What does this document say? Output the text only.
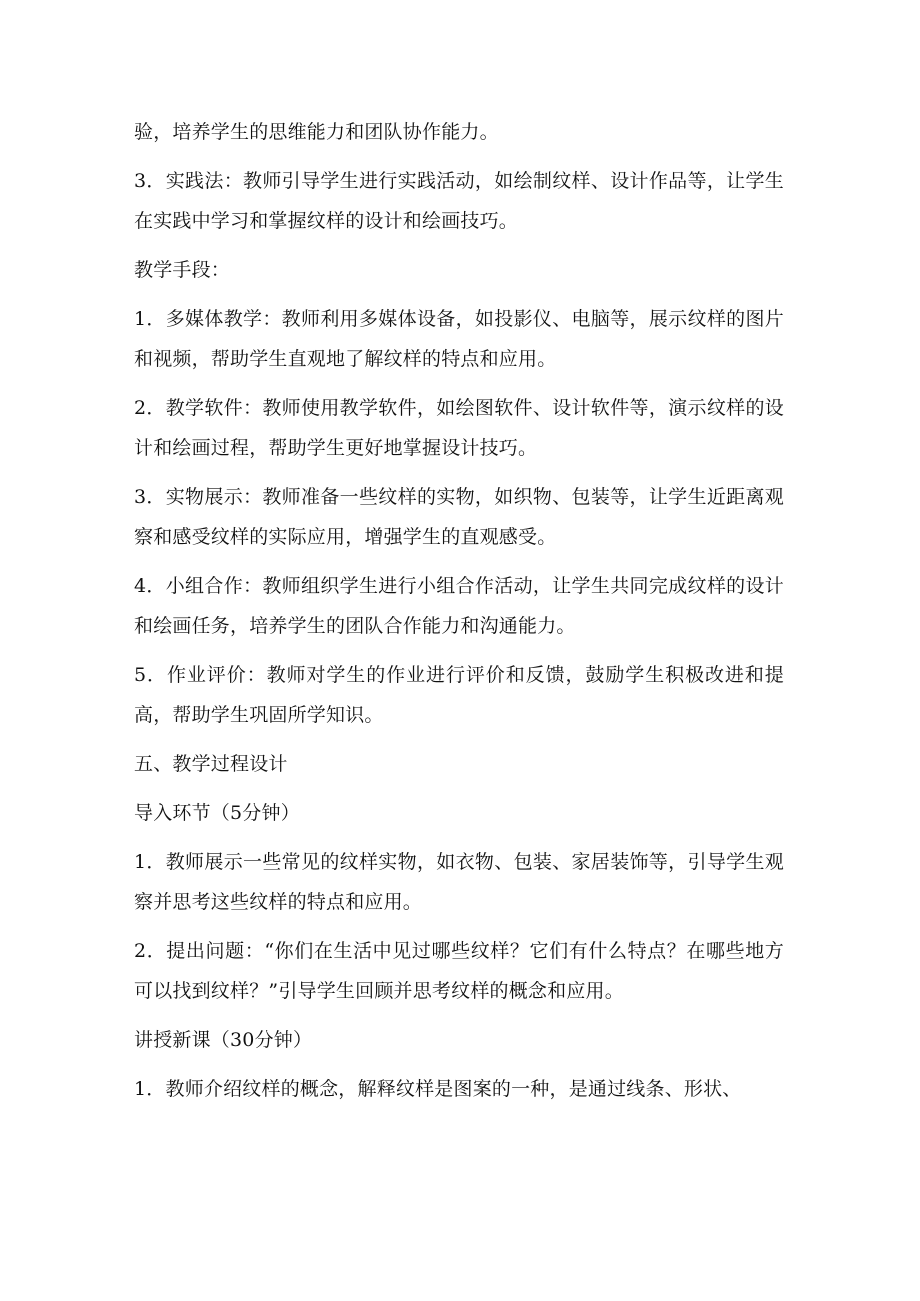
验，培养学生的思维能力和团队协作能力。

3．实践法：教师引导学生进行实践活动，如绘制纹样、设计作品等，让学生在实践中学习和掌握纹样的设计和绘画技巧。

教学手段：

1．多媒体教学：教师利用多媒体设备，如投影仪、电脑等，展示纹样的图片和视频，帮助学生直观地了解纹样的特点和应用。

2．教学软件：教师使用教学软件，如绘图软件、设计软件等，演示纹样的设计和绘画过程，帮助学生更好地掌握设计技巧。

3．实物展示：教师准备一些纹样的实物，如织物、包装等，让学生近距离观察和感受纹样的实际应用，增强学生的直观感受。

4．小组合作：教师组织学生进行小组合作活动，让学生共同完成纹样的设计和绘画任务，培养学生的团队合作能力和沟通能力。

5．作业评价：教师对学生的作业进行评价和反馈，鼓励学生积极改进和提高，帮助学生巩固所学知识。

五、教学过程设计

导入环节（5分钟）

1．教师展示一些常见的纹样实物，如衣物、包装、家居装饰等，引导学生观察并思考这些纹样的特点和应用。

2．提出问题：“你们在生活中见过哪些纹样？它们有什么特点？在哪些地方可以找到纹样？”引导学生回顾并思考纹样的概念和应用。

讲授新课（30分钟）

1．教师介绍纹样的概念，解释纹样是图案的一种，是通过线条、形状、
